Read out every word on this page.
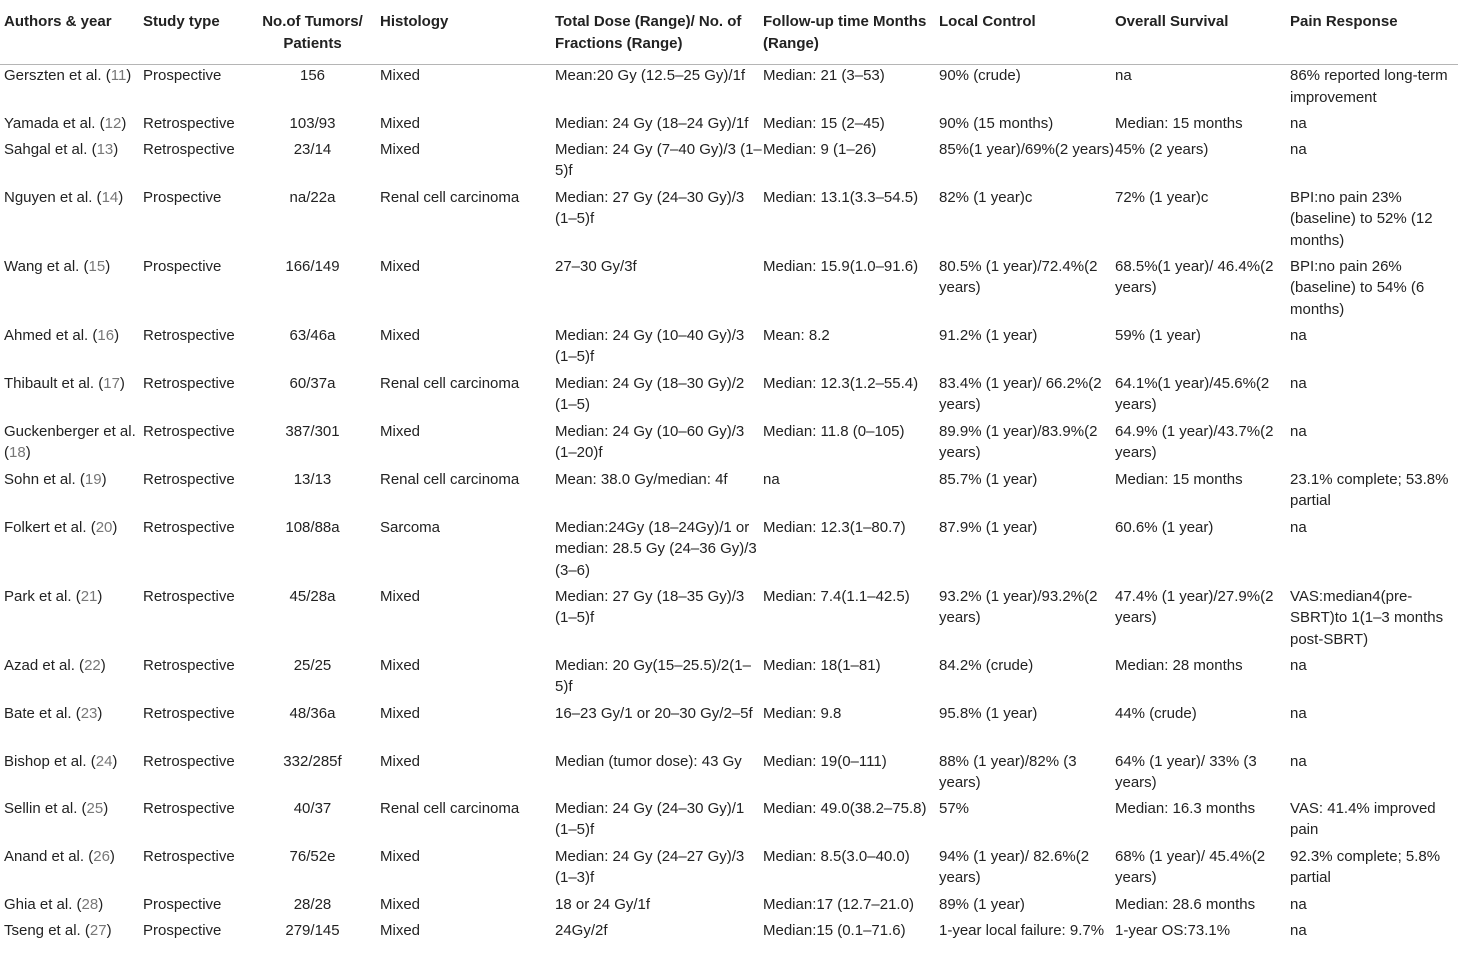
Authors & year	Study type	No.of Tumors/ Patients	Histology	Total Dose (Range)/ No. of Fractions (Range)	Follow-up time Months (Range)	Local Control	Overall Survival	Pain Response
Gerszten et al. (11)	Prospective	156	Mixed	Mean:20 Gy (12.5–25 Gy)/1f	Median: 21 (3–53)	90% (crude)	na	86% reported long-term improvement
Yamada et al. (12)	Retrospective	103/93	Mixed	Median: 24 Gy (18–24 Gy)/1f	Median: 15 (2–45)	90% (15 months)	Median: 15 months	na
Sahgal et al. (13)	Retrospective	23/14	Mixed	Median: 24 Gy (7–40 Gy)/3 (1–5)f	Median: 9 (1–26)	85%(1 year)/69%(2 years)	45% (2 years)	na
Nguyen et al. (14)	Prospective	na/22a	Renal cell carcinoma	Median: 27 Gy (24–30 Gy)/3 (1–5)f	Median: 13.1(3.3–54.5)	82% (1 year)c	72% (1 year)c	BPI:no pain 23%(baseline) to 52% (12 months)
Wang et al. (15)	Prospective	166/149	Mixed	27–30 Gy/3f	Median: 15.9(1.0–91.6)	80.5% (1 year)/72.4%(2 years)	68.5%(1 year)/ 46.4%(2 years)	BPI:no pain 26% (baseline) to 54% (6 months)
Ahmed et al. (16)	Retrospective	63/46a	Mixed	Median: 24 Gy (10–40 Gy)/3 (1–5)f	Mean: 8.2	91.2% (1 year)	59% (1 year)	na
Thibault et al. (17)	Retrospective	60/37a	Renal cell carcinoma	Median: 24 Gy (18–30 Gy)/2 (1–5)	Median: 12.3(1.2–55.4)	83.4% (1 year)/ 66.2%(2 years)	64.1%(1 year)/45.6%(2 years)	na
Guckenberger et al. (18)	Retrospective	387/301	Mixed	Median: 24 Gy (10–60 Gy)/3 (1–20)f	Median: 11.8 (0–105)	89.9% (1 year)/83.9%(2 years)	64.9% (1 year)/43.7%(2 years)	na
Sohn et al. (19)	Retrospective	13/13	Renal cell carcinoma	Mean: 38.0 Gy/median: 4f	na	85.7% (1 year)	Median: 15 months	23.1% complete; 53.8% partial
Folkert et al. (20)	Retrospective	108/88a	Sarcoma	Median:24Gy (18–24Gy)/1 or median: 28.5 Gy (24–36 Gy)/3 (3–6)	Median: 12.3(1–80.7)	87.9% (1 year)	60.6% (1 year)	na
Park et al. (21)	Retrospective	45/28a	Mixed	Median: 27 Gy (18–35 Gy)/3 (1–5)f	Median: 7.4(1.1–42.5)	93.2% (1 year)/93.2%(2 years)	47.4% (1 year)/27.9%(2 years)	VAS:median4(pre-SBRT)to 1(1–3 months post-SBRT)
Azad et al. (22)	Retrospective	25/25	Mixed	Median: 20 Gy(15–25.5)/2(1–5)f	Median: 18(1–81)	84.2% (crude)	Median: 28 months	na
Bate et al. (23)	Retrospective	48/36a	Mixed	16–23 Gy/1 or 20–30 Gy/2–5f	Median: 9.8	95.8% (1 year)	44% (crude)	na
Bishop et al. (24)	Retrospective	332/285f	Mixed	Median (tumor dose): 43 Gy	Median: 19(0–111)	88% (1 year)/82% (3 years)	64% (1 year)/ 33% (3 years)	na
Sellin et al. (25)	Retrospective	40/37	Renal cell carcinoma	Median: 24 Gy (24–30 Gy)/1 (1–5)f	Median: 49.0(38.2–75.8)	57%	Median: 16.3 months	VAS: 41.4% improved pain
Anand et al. (26)	Retrospective	76/52e	Mixed	Median: 24 Gy (24–27 Gy)/3 (1–3)f	Median: 8.5(3.0–40.0)	94% (1 year)/ 82.6%(2 years)	68% (1 year)/ 45.4%(2 years)	92.3% complete; 5.8% partial
Ghia et al. (28)	Prospective	28/28	Mixed	18 or 24 Gy/1f	Median:17 (12.7–21.0)	89% (1 year)	Median: 28.6 months	na
Tseng et al. (27)	Prospective	279/145	Mixed	24Gy/2f	Median:15 (0.1–71.6)	1-year local failure: 9.7%	1-year OS:73.1%	na
